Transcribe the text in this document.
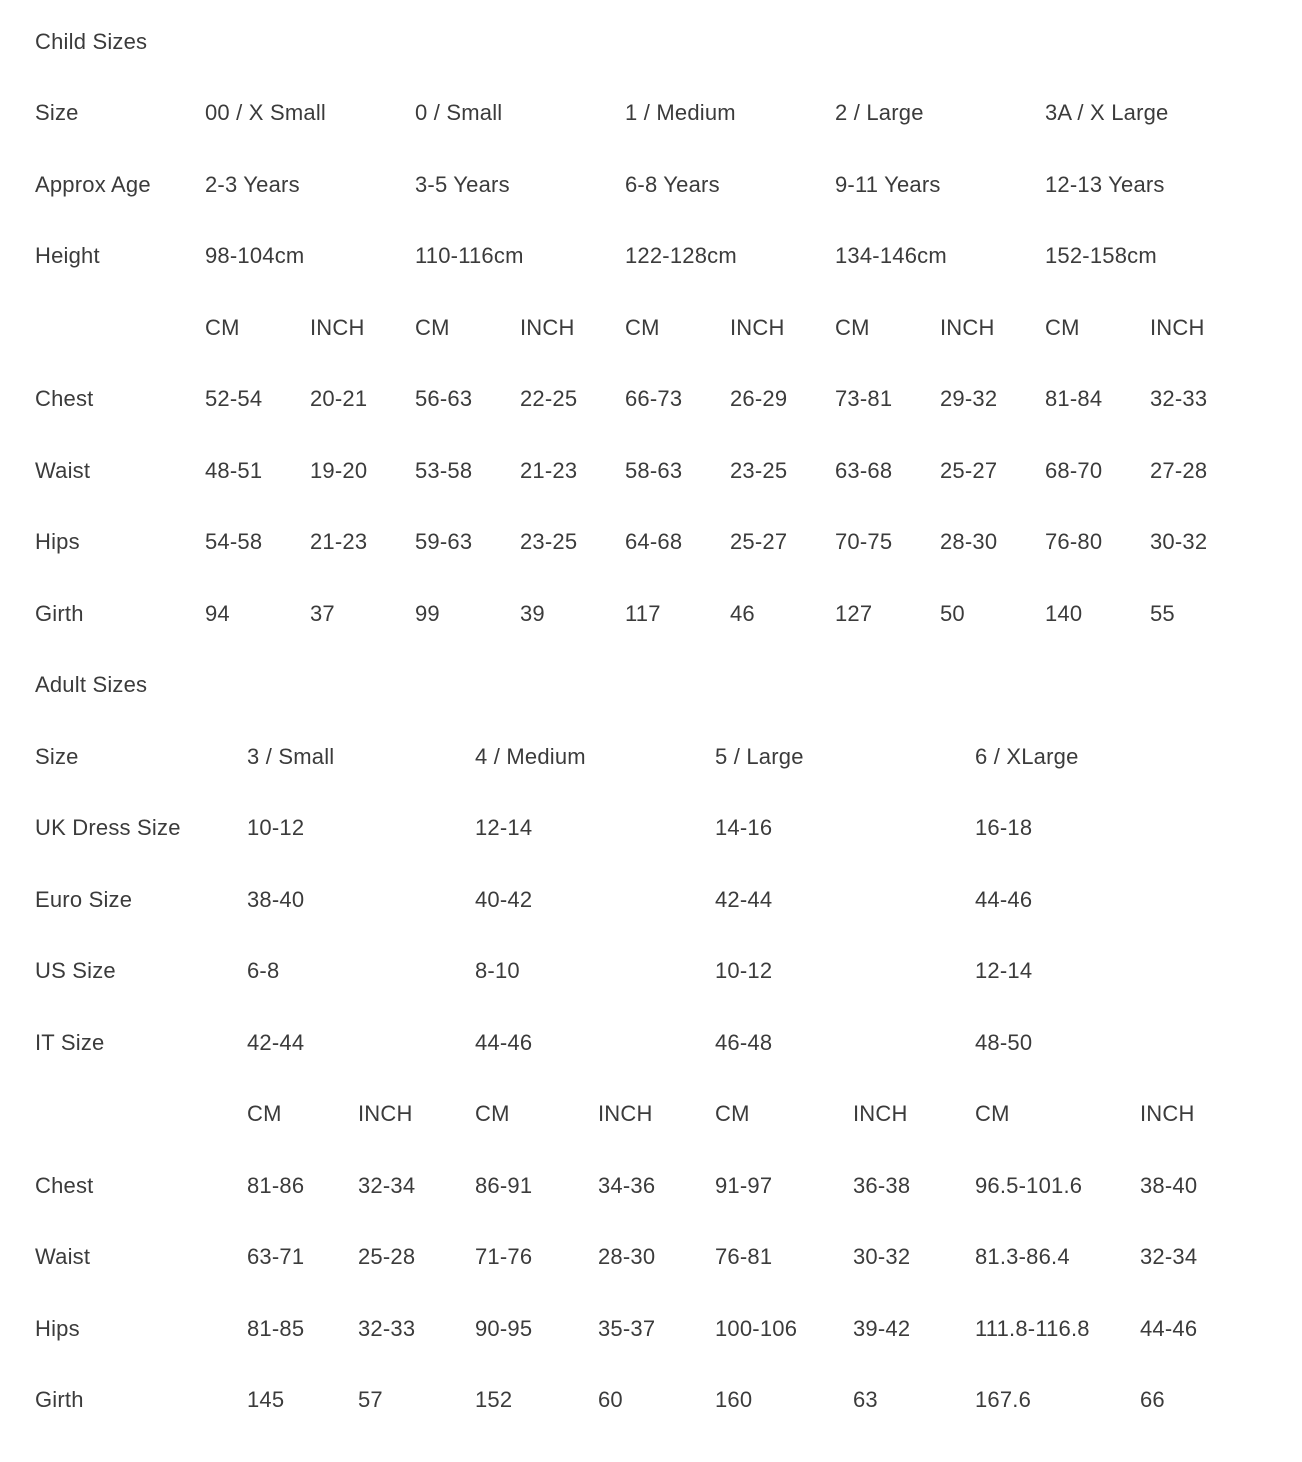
Child Sizes
Size	00 / X Small	0 / Small	1 / Medium	2 / Large	3A / X Large
Approx Age	2-3 Years	3-5 Years	6-8 Years	9-11 Years	12-13 Years
Height	98-104cm	110-116cm	122-128cm	134-146cm	152-158cm
CM	INCH	CM	INCH	CM	INCH	CM	INCH	CM	INCH
Chest	52-54	20-21	56-63	22-25	66-73	26-29	73-81	29-32	81-84	32-33
Waist	48-51	19-20	53-58	21-23	58-63	23-25	63-68	25-27	68-70	27-28
Hips	54-58	21-23	59-63	23-25	64-68	25-27	70-75	28-30	76-80	30-32
Girth	94	37	99	39	117	46	127	50	140	55
Adult Sizes
Size	3 / Small	4 / Medium	5 / Large	6 / XLarge
UK Dress Size	10-12	12-14	14-16	16-18
Euro Size	38-40	40-42	42-44	44-46
US Size	6-8	8-10	10-12	12-14
IT Size	42-44	44-46	46-48	48-50
CM	INCH	CM	INCH	CM	INCH	CM	INCH
Chest	81-86	32-34	86-91	34-36	91-97	36-38	96.5-101.6	38-40
Waist	63-71	25-28	71-76	28-30	76-81	30-32	81.3-86.4	32-34
Hips	81-85	32-33	90-95	35-37	100-106	39-42	111.8-116.8	44-46
Girth	145	57	152	60	160	63	167.6	66
